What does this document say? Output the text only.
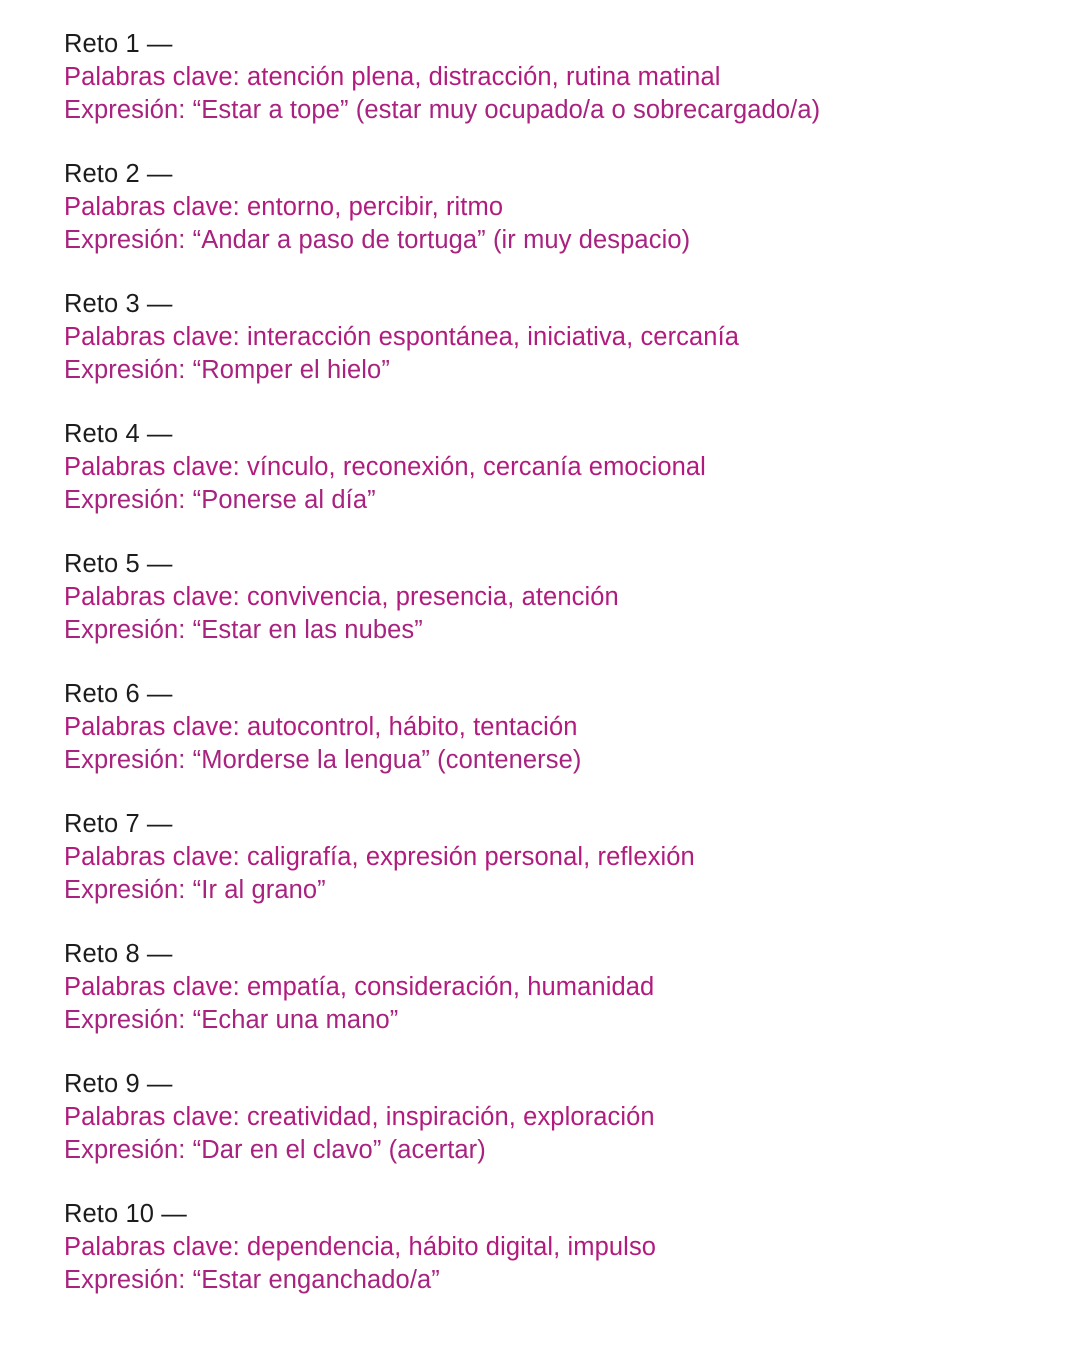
Reto 1 —
Palabras clave: atención plena, distracción, rutina matinal
Expresión: “Estar a tope” (estar muy ocupado/a o sobrecargado/a)
Reto 2 —
Palabras clave: entorno, percibir, ritmo
Expresión: “Andar a paso de tortuga” (ir muy despacio)
Reto 3 —
Palabras clave: interacción espontánea, iniciativa, cercanía
Expresión: “Romper el hielo”
Reto 4 —
Palabras clave: vínculo, reconexión, cercanía emocional
Expresión: “Ponerse al día”
Reto 5 —
Palabras clave: convivencia, presencia, atención
Expresión: “Estar en las nubes”
Reto 6 —
Palabras clave: autocontrol, hábito, tentación
Expresión: “Morderse la lengua” (contenerse)
Reto 7 —
Palabras clave: caligrafía, expresión personal, reflexión
Expresión: “Ir al grano”
Reto 8 —
Palabras clave: empatía, consideración, humanidad
Expresión: “Echar una mano”
Reto 9 —
Palabras clave: creatividad, inspiración, exploración
Expresión: “Dar en el clavo” (acertar)
Reto 10 —
Palabras clave: dependencia, hábito digital, impulso
Expresión: “Estar enganchado/a”
